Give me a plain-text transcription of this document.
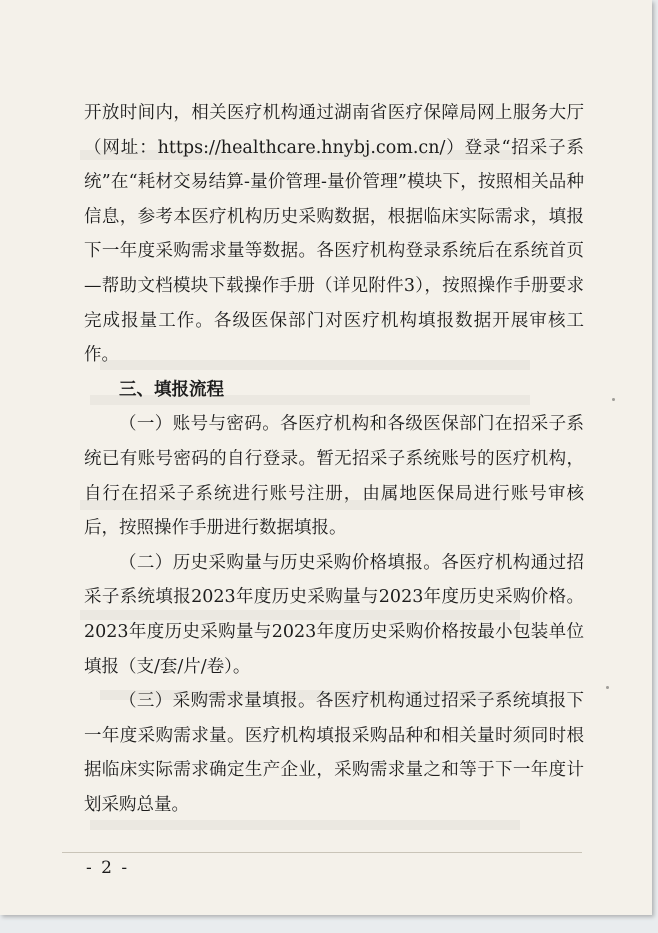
开放时间内，相关医疗机构通过湖南省医疗保障局网上服务大厅（网址：https://healthcare.hnybj.com.cn/）登录“招采子系统”在“耗材交易结算-量价管理-量价管理”模块下，按照相关品种信息，参考本医疗机构历史采购数据，根据临床实际需求，填报下一年度采购需求量等数据。各医疗机构登录系统后在系统首页—帮助文档模块下载操作手册（详见附件3），按照操作手册要求完成报量工作。各级医保部门对医疗机构填报数据开展审核工作。

三、填报流程

（一）账号与密码。各医疗机构和各级医保部门在招采子系统已有账号密码的自行登录。暂无招采子系统账号的医疗机构，自行在招采子系统进行账号注册，由属地医保局进行账号审核后，按照操作手册进行数据填报。

（二）历史采购量与历史采购价格填报。各医疗机构通过招采子系统填报2023年度历史采购量与2023年度历史采购价格。2023年度历史采购量与2023年度历史采购价格按最小包装单位填报（支/套/片/卷）。

（三）采购需求量填报。各医疗机构通过招采子系统填报下一年度采购需求量。医疗机构填报采购品种和相关量时须同时根据临床实际需求确定生产企业，采购需求量之和等于下一年度计划采购总量。

- 2 -
